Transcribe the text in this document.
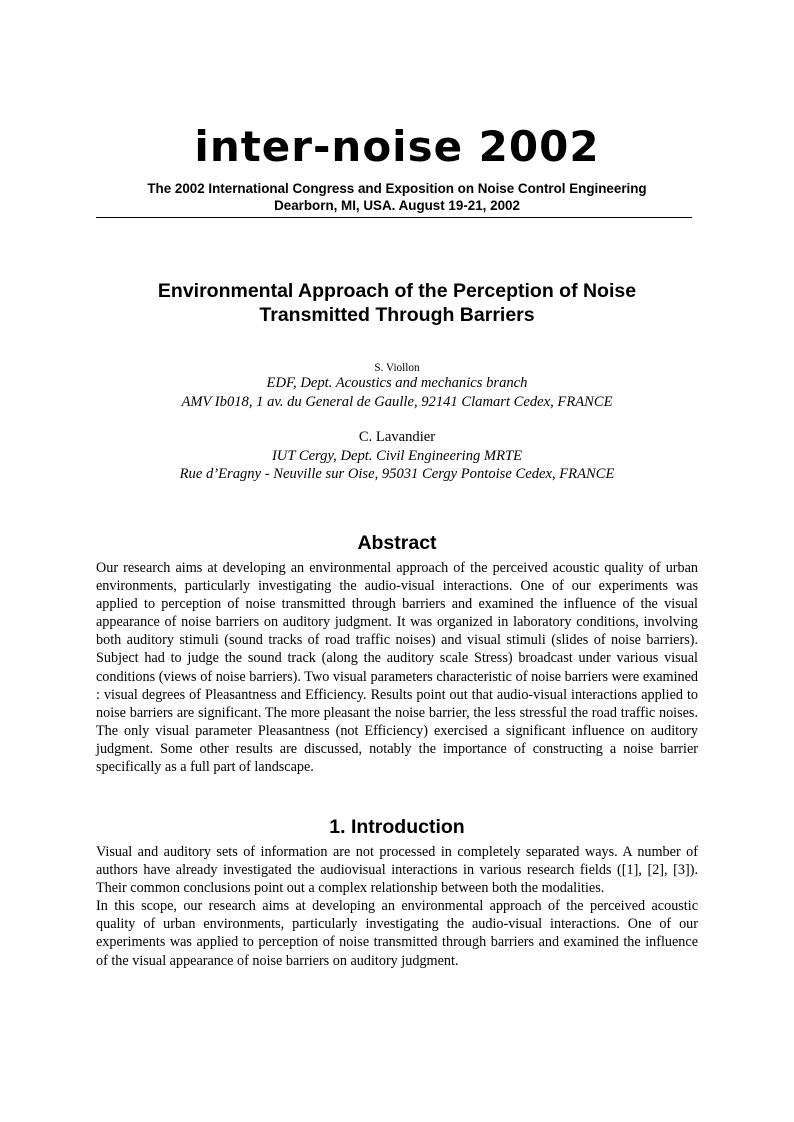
inter-noise 2002
The 2002 International Congress and Exposition on Noise Control Engineering
Dearborn, MI, USA. August 19-21, 2002
Environmental Approach of the Perception of Noise
Transmitted Through Barriers
S. Viollon
EDF, Dept. Acoustics and mechanics branch
AMV Ib018, 1 av. du General de Gaulle, 92141 Clamart Cedex, FRANCE
C. Lavandier
IUT Cergy, Dept. Civil Engineering MRTE
Rue d’Eragny - Neuville sur Oise, 95031 Cergy Pontoise Cedex, FRANCE
Abstract

Our research aims at developing an environmental approach of the perceived acoustic quality of urban environments, particularly investigating the audio-visual interactions. One of our experiments was applied to perception of noise transmitted through barriers and examined the influence of the visual appearance of noise barriers on auditory judgment. It was organized in laboratory conditions, involving both auditory stimuli (sound tracks of road traffic noises) and visual stimuli (slides of noise barriers). Subject had to judge the sound track (along the auditory scale Stress) broadcast under various visual conditions (views of noise barriers). Two visual parameters characteristic of noise barriers were examined : visual degrees of Pleasantness and Efficiency. Results point out that audio-visual interactions applied to noise barriers are significant. The more pleasant the noise barrier, the less stressful the road traffic noises. The only visual parameter Pleasantness (not Efficiency) exercised a significant influence on auditory judgment. Some other results are discussed, notably the importance of constructing a noise barrier specifically as a full part of landscape.

1. Introduction

Visual and auditory sets of information are not processed in completely separated ways. A number of authors have already investigated the audiovisual interactions in various research fields ([1], [2], [3]). Their common conclusions point out a complex relationship between both the modalities.

In this scope, our research aims at developing an environmental approach of the perceived acoustic quality of urban environments, particularly investigating the audio-visual interactions. One of our experiments was applied to perception of noise transmitted through barriers and examined the influence of the visual appearance of noise barriers on auditory judgment.
